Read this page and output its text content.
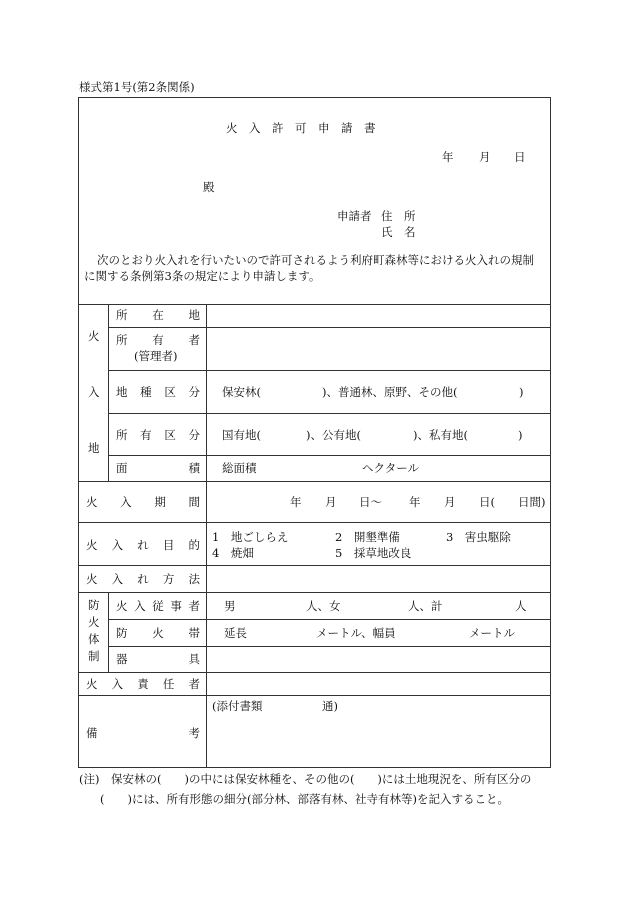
様式第1号(第2条関係)
火　入　許　可　申　請　書
年 月 日
殿
申請者 住　所
氏　名
次のとおり火入れを行いたいので許可されるよう利府町森林等における火入れの規制
に関する条例第3条の規定により申請します。
火
入
地
所 在 地
所 有 者
(管理者)
地 種 区 分 保安林(	)、普通林、原野、その他(	)
所 有 区 分 国有地(	)、公有地(	)、私有地(	)
面	積 総面積	ヘクタール
火 入 期 間	年 月 日～ 年 月 日( 日間)
火 入 れ 目 的
1　地ごしらえ	2　開墾準備	3　害虫駆除
4　焼畑	5　採草地改良
火 入 れ 方 法
防
火
体
制
火 入 従 事 者 男	人、女	人、計	人
防 火 帯 延長	メートル、幅員	メートル
器	具
火 入 責 任 者
備	考
(添付書類	通)
(注)　保安林の(　　)の中には保安林種を、その他の(　　)には土地現況を、所有区分の
(　　)には、所有形態の細分(部分林、部落有林、社寺有林等)を記入すること。
